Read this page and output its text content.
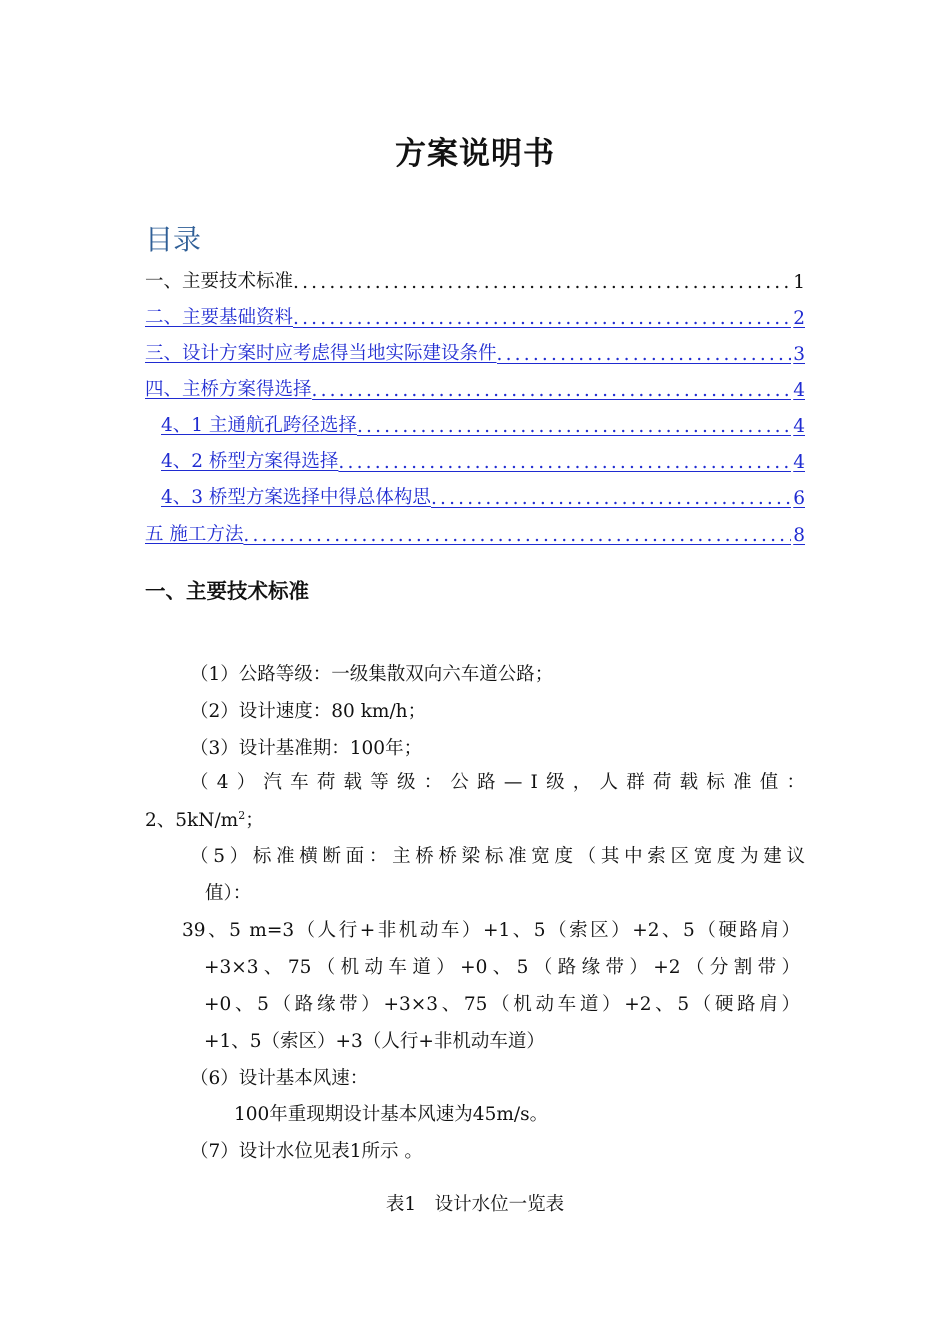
方案说明书
目录
一、主要技术标准 .....	1
二、主要基础资料 .....	2
三、设计方案时应考虑得当地实际建设条件 .....	3
四、主桥方案得选择 .....	4
4、1 主通航孔跨径选择 .....	4
4、2 桥型方案得选择 .....	4
4、3 桥型方案选择中得总体构思 .....	6
五 施工方法 .....	8
一、主要技术标准
（1）公路等级：一级集散双向六车道公路；
（2）设计速度：80 km/h；
（3）设计基准期：100年；
（4）汽车荷载等级：公路—Ⅰ级，人群荷载标准值：
2、$5kN/m^2$；
（5）标准横断面：主桥桥梁标准宽度（其中索区宽度为建议
值）：
39、5 m=3（人行+非机动车）+1、5（索区）+2、5（硬路肩）
+3×3、75（机动车道）+0、5（路缘带）+2（分割带）
+0、5（路缘带）+3×3、75（机动车道）+2、5（硬路肩）
+1、5（索区）+3（人行+非机动车道）
（6）设计基本风速：
100年重现期设计基本风速为45m/s。
（7）设计水位见表1所示 。
表1　设计水位一览表
